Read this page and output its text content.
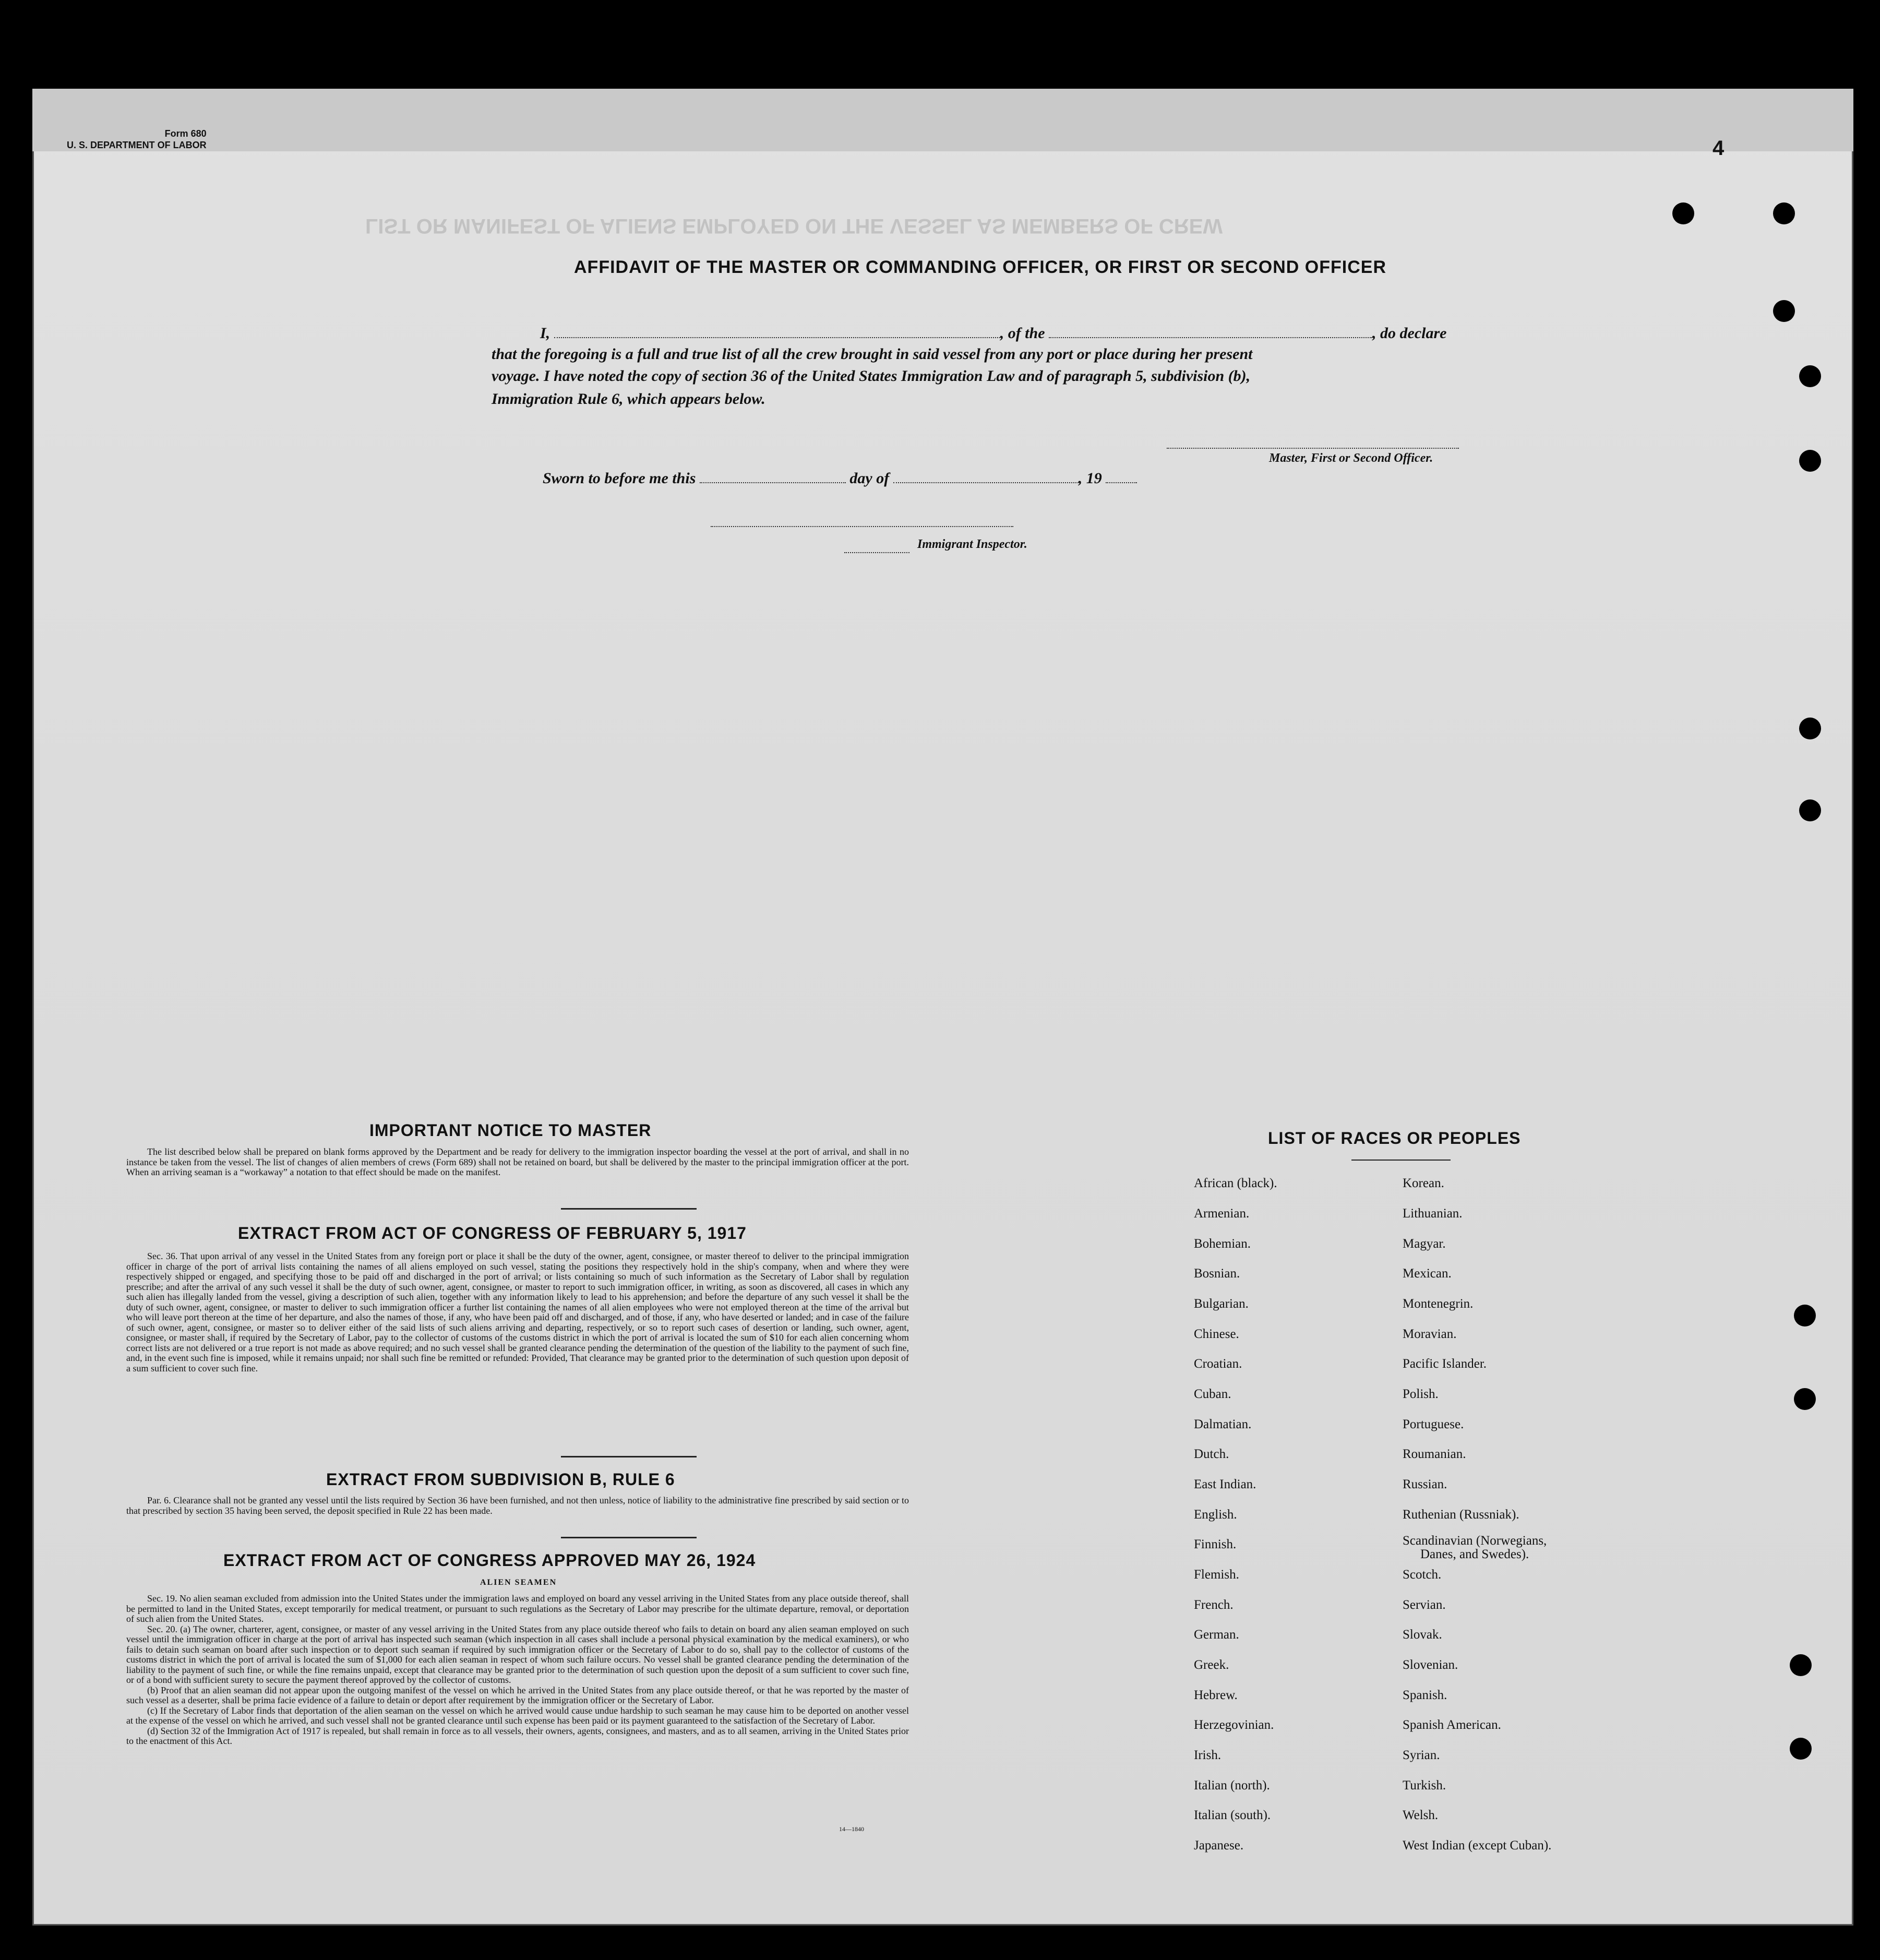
Form 680
U. S. DEPARTMENT OF LABOR	4
LIST OR MANIFEST OF ALIENS EMPLOYED ON THE VESSEL AS MEMBERS OF CREW
AFFIDAVIT OF THE MASTER OR COMMANDING OFFICER, OR FIRST OR SECOND OFFICER
I,	, of the	, do declare
that the foregoing is a full and true list of all the crew brought in said vessel from any port or place during her present
voyage. I have noted the copy of section 36 of the United States Immigration Law and of paragraph 5, subdivision (b),
Immigration Rule 6, which appears below.
Master, First or Second Officer.
Sworn to before me this	day of	, 19
Immigrant Inspector.
IMPORTANT NOTICE TO MASTER
The list described below shall be prepared on blank forms approved by the Department and be ready for delivery to the immigration inspector boarding the vessel at the port of arrival, and shall in no instance be taken from the vessel. The list of changes of alien members of crews (Form 689) shall not be retained on board, but shall be delivered by the master to the principal immigration officer at the port. When an arriving seaman is a “workaway” a notation to that effect should be made on the manifest.
EXTRACT FROM ACT OF CONGRESS OF FEBRUARY 5, 1917
Sec. 36. That upon arrival of any vessel in the United States from any foreign port or place it shall be the duty of the owner, agent, consignee, or master thereof to deliver to the principal immigration officer in charge of the port of arrival lists containing the names of all aliens employed on such vessel, stating the positions they respectively hold in the ship's company, when and where they were respectively shipped or engaged, and specifying those to be paid off and discharged in the port of arrival; or lists containing so much of such information as the Secretary of Labor shall by regulation prescribe; and after the arrival of any such vessel it shall be the duty of such owner, agent, consignee, or master to report to such immigration officer, in writing, as soon as discovered, all cases in which any such alien has illegally landed from the vessel, giving a description of such alien, together with any information likely to lead to his apprehension; and before the departure of any such vessel it shall be the duty of such owner, agent, consignee, or master to deliver to such immigration officer a further list containing the names of all alien employees who were not employed thereon at the time of the arrival but who will leave port thereon at the time of her departure, and also the names of those, if any, who have been paid off and discharged, and of those, if any, who have deserted or landed; and in case of the failure of such owner, agent, consignee, or master so to deliver either of the said lists of such aliens arriving and departing, respectively, or so to report such cases of desertion or landing, such owner, agent, consignee, or master shall, if required by the Secretary of Labor, pay to the collector of customs of the customs district in which the port of arrival is located the sum of $10 for each alien concerning whom correct lists are not delivered or a true report is not made as above required; and no such vessel shall be granted clearance pending the determination of the question of the liability to the payment of such fine, and, in the event such fine is imposed, while it remains unpaid; nor shall such fine be remitted or refunded: Provided, That clearance may be granted prior to the determination of such question upon deposit of a sum sufficient to cover such fine.
EXTRACT FROM SUBDIVISION B, RULE 6
Par. 6. Clearance shall not be granted any vessel until the lists required by Section 36 have been furnished, and not then unless, notice of liability to the administrative fine prescribed by said section or to that prescribed by section 35 having been served, the deposit specified in Rule 22 has been made.
EXTRACT FROM ACT OF CONGRESS APPROVED MAY 26, 1924
ALIEN SEAMEN

Sec. 19. No alien seaman excluded from admission into the United States under the immigration laws and employed on board any vessel arriving in the United States from any place outside thereof, shall be permitted to land in the United States, except temporarily for medical treatment, or pursuant to such regulations as the Secretary of Labor may prescribe for the ultimate departure, removal, or deportation of such alien from the United States.

Sec. 20. (a) The owner, charterer, agent, consignee, or master of any vessel arriving in the United States from any place outside thereof who fails to detain on board any alien seaman employed on such vessel until the immigration officer in charge at the port of arrival has inspected such seaman (which inspection in all cases shall include a personal physical examination by the medical examiners), or who fails to detain such seaman on board after such inspection or to deport such seaman if required by such immigration officer or the Secretary of Labor to do so, shall pay to the collector of customs of the customs district in which the port of arrival is located the sum of $1,000 for each alien seaman in respect of whom such failure occurs. No vessel shall be granted clearance pending the determination of the liability to the payment of such fine, or while the fine remains unpaid, except that clearance may be granted prior to the determination of such question upon the deposit of a sum sufficient to cover such fine, or of a bond with sufficient surety to secure the payment thereof approved by the collector of customs.

(b) Proof that an alien seaman did not appear upon the outgoing manifest of the vessel on which he arrived in the United States from any place outside thereof, or that he was reported by the master of such vessel as a deserter, shall be prima facie evidence of a failure to detain or deport after requirement by the immigration officer or the Secretary of Labor.

(c) If the Secretary of Labor finds that deportation of the alien seaman on the vessel on which he arrived would cause undue hardship to such seaman he may cause him to be deported on another vessel at the expense of the vessel on which he arrived, and such vessel shall not be granted clearance until such expense has been paid or its payment guaranteed to the satisfaction of the Secretary of Labor.

(d) Section 32 of the Immigration Act of 1917 is repealed, but shall remain in force as to all vessels, their owners, agents, consignees, and masters, and as to all seamen, arriving in the United States prior to the enactment of this Act.

14—1840
LIST OF RACES OR PEOPLES
African (black).
Armenian.
Bohemian.
Bosnian.
Bulgarian.
Chinese.
Croatian.
Cuban.
Dalmatian.
Dutch.
East Indian.
English.
Finnish.
Flemish.
French.
German.
Greek.
Hebrew.
Herzegovinian.
Irish.
Italian (north).
Italian (south).
Japanese.
Korean.
Lithuanian.
Magyar.
Mexican.
Montenegrin.
Moravian.
Pacific Islander.
Polish.
Portuguese.
Roumanian.
Russian.
Ruthenian (Russniak).
Scandinavian (Norwegians,
Danes, and Swedes).
Scotch.
Servian.
Slovak.
Slovenian.
Spanish.
Spanish American.
Syrian.
Turkish.
Welsh.
West Indian (except Cuban).
